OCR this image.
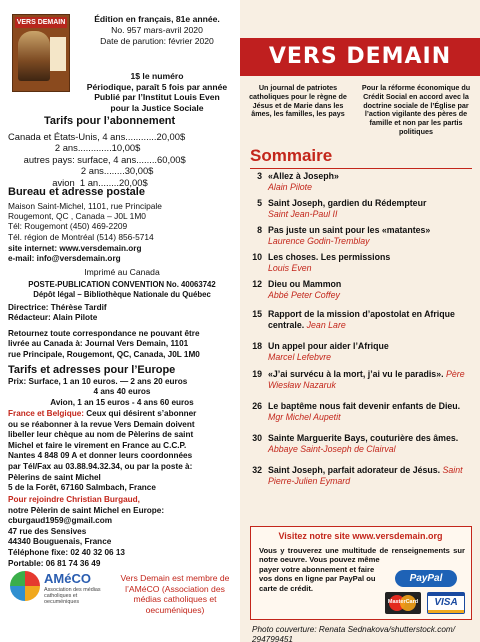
VERS DEMAIN	Édition en français, 81e année.
No. 957 mars-avril 2020
Date de parution: février 2020
1$ le numéro
Périodique, paraît 5 fois par année
Publié par l’Institut Louis Even
pour la Justice Sociale
Tarifs pour l’abonnement
Canada et États-Unis, 4 ans............20,00$
2 ans.............10,00$
autres pays: surface, 4 ans........60,00$
2 ans........30,00$
avion  1 an........20,00$
Bureau et adresse postale
Maison Saint-Michel, 1101, rue Principale
Rougemont, QC , Canada – J0L 1M0
Tél: Rougemont (450) 469-2209
Tél. région de Montréal (514) 856-5714
site internet: www.versdemain.org
e-mail: info@versdemain.org
Imprimé au Canada
POSTE-PUBLICATION CONVENTION No. 40063742
Dépôt légal – Bibliothèque Nationale du Québec
Directrice: Thérèse Tardif
Rédacteur: Alain Pilote
Retournez toute correspondance ne pouvant être
livrée au Canada à: Journal Vers Demain, 1101
rue Principale, Rougemont, QC, Canada, J0L 1M0
Tarifs et adresses pour l’Europe
Prix: Surface, 1 an 10 euros. — 2 ans 20 euros
4 ans 40 euros
Avion, 1 an 15 euros - 4 ans 60 euros
France et Belgique: Ceux qui désirent s’abonner
ou se réabonner à la revue Vers Demain doivent
libeller leur chèque au nom de Pèlerins de saint
Michel et faire le virement en France au C.C.P.
Nantes 4 848 09 A et donner leurs coordonnées
par Tél/Fax au 03.88.94.32.34, ou par la poste à:
Pèlerins de saint Michel
5 de la Forêt, 67160 Salmbach, France
Pour rejoindre Christian Burgaud,
notre Pèlerin de saint Michel en Europe:
cburgaud1959@gmail.com
47 rue des Sensives
44340 Bouguenais, France
Téléphone fixe: 02 40 32 06 13
Portable: 06 81 74 36 49
AMéCO
Association des médias catholiques et oecuméniques
Vers Demain est membre de l’AMéCO (Association des médias catholiques et oecuméniques)
VERS DEMAIN
Un journal de patriotes catholiques pour le règne de Jésus et de Marie dans les âmes, les familles, les pays
Pour la réforme économique du Crédit Social en accord avec la doctrine sociale de l’Église par l’action vigilante des pères de famille et non par les partis politiques
Sommaire
3 «Allez à Joseph»
Alain Pilote
5 Saint Joseph, gardien du Rédempteur
Saint Jean-Paul II
8 Pas juste un saint pour les «matantes»
Laurence Godin-Tremblay
10 Les choses. Les permissions
Louis Even
12 Dieu ou Mammon
Abbé Peter Coffey
15 Rapport de la mission d’apostolat en Afrique centrale. Jean Lare
18 Un appel pour aider l’Afrique
Marcel Lefebvre
19 «J’ai survécu à la mort, j’ai vu le paradis». Père Wiesław Nazaruk
26 Le baptême nous fait devenir enfants de Dieu. Mgr Michel Aupetit
30 Sainte Marguerite Bays, couturière des âmes. Abbaye Saint-Joseph de Clairval
32 Saint Joseph, parfait adorateur de Jésus. Saint Pierre-Julien Eymard
Visitez notre site www.versdemain.org
Vous y trouverez une multitude de renseignements sur notre oeuvre. Vous pouvez même
payer votre abonnement et faire vos dons en ligne par PayPal ou carte de crédit.
PayPal
MasterCard	VISA
Photo couverture: Renata Sednakova/shutterstock.com/ 294799451
